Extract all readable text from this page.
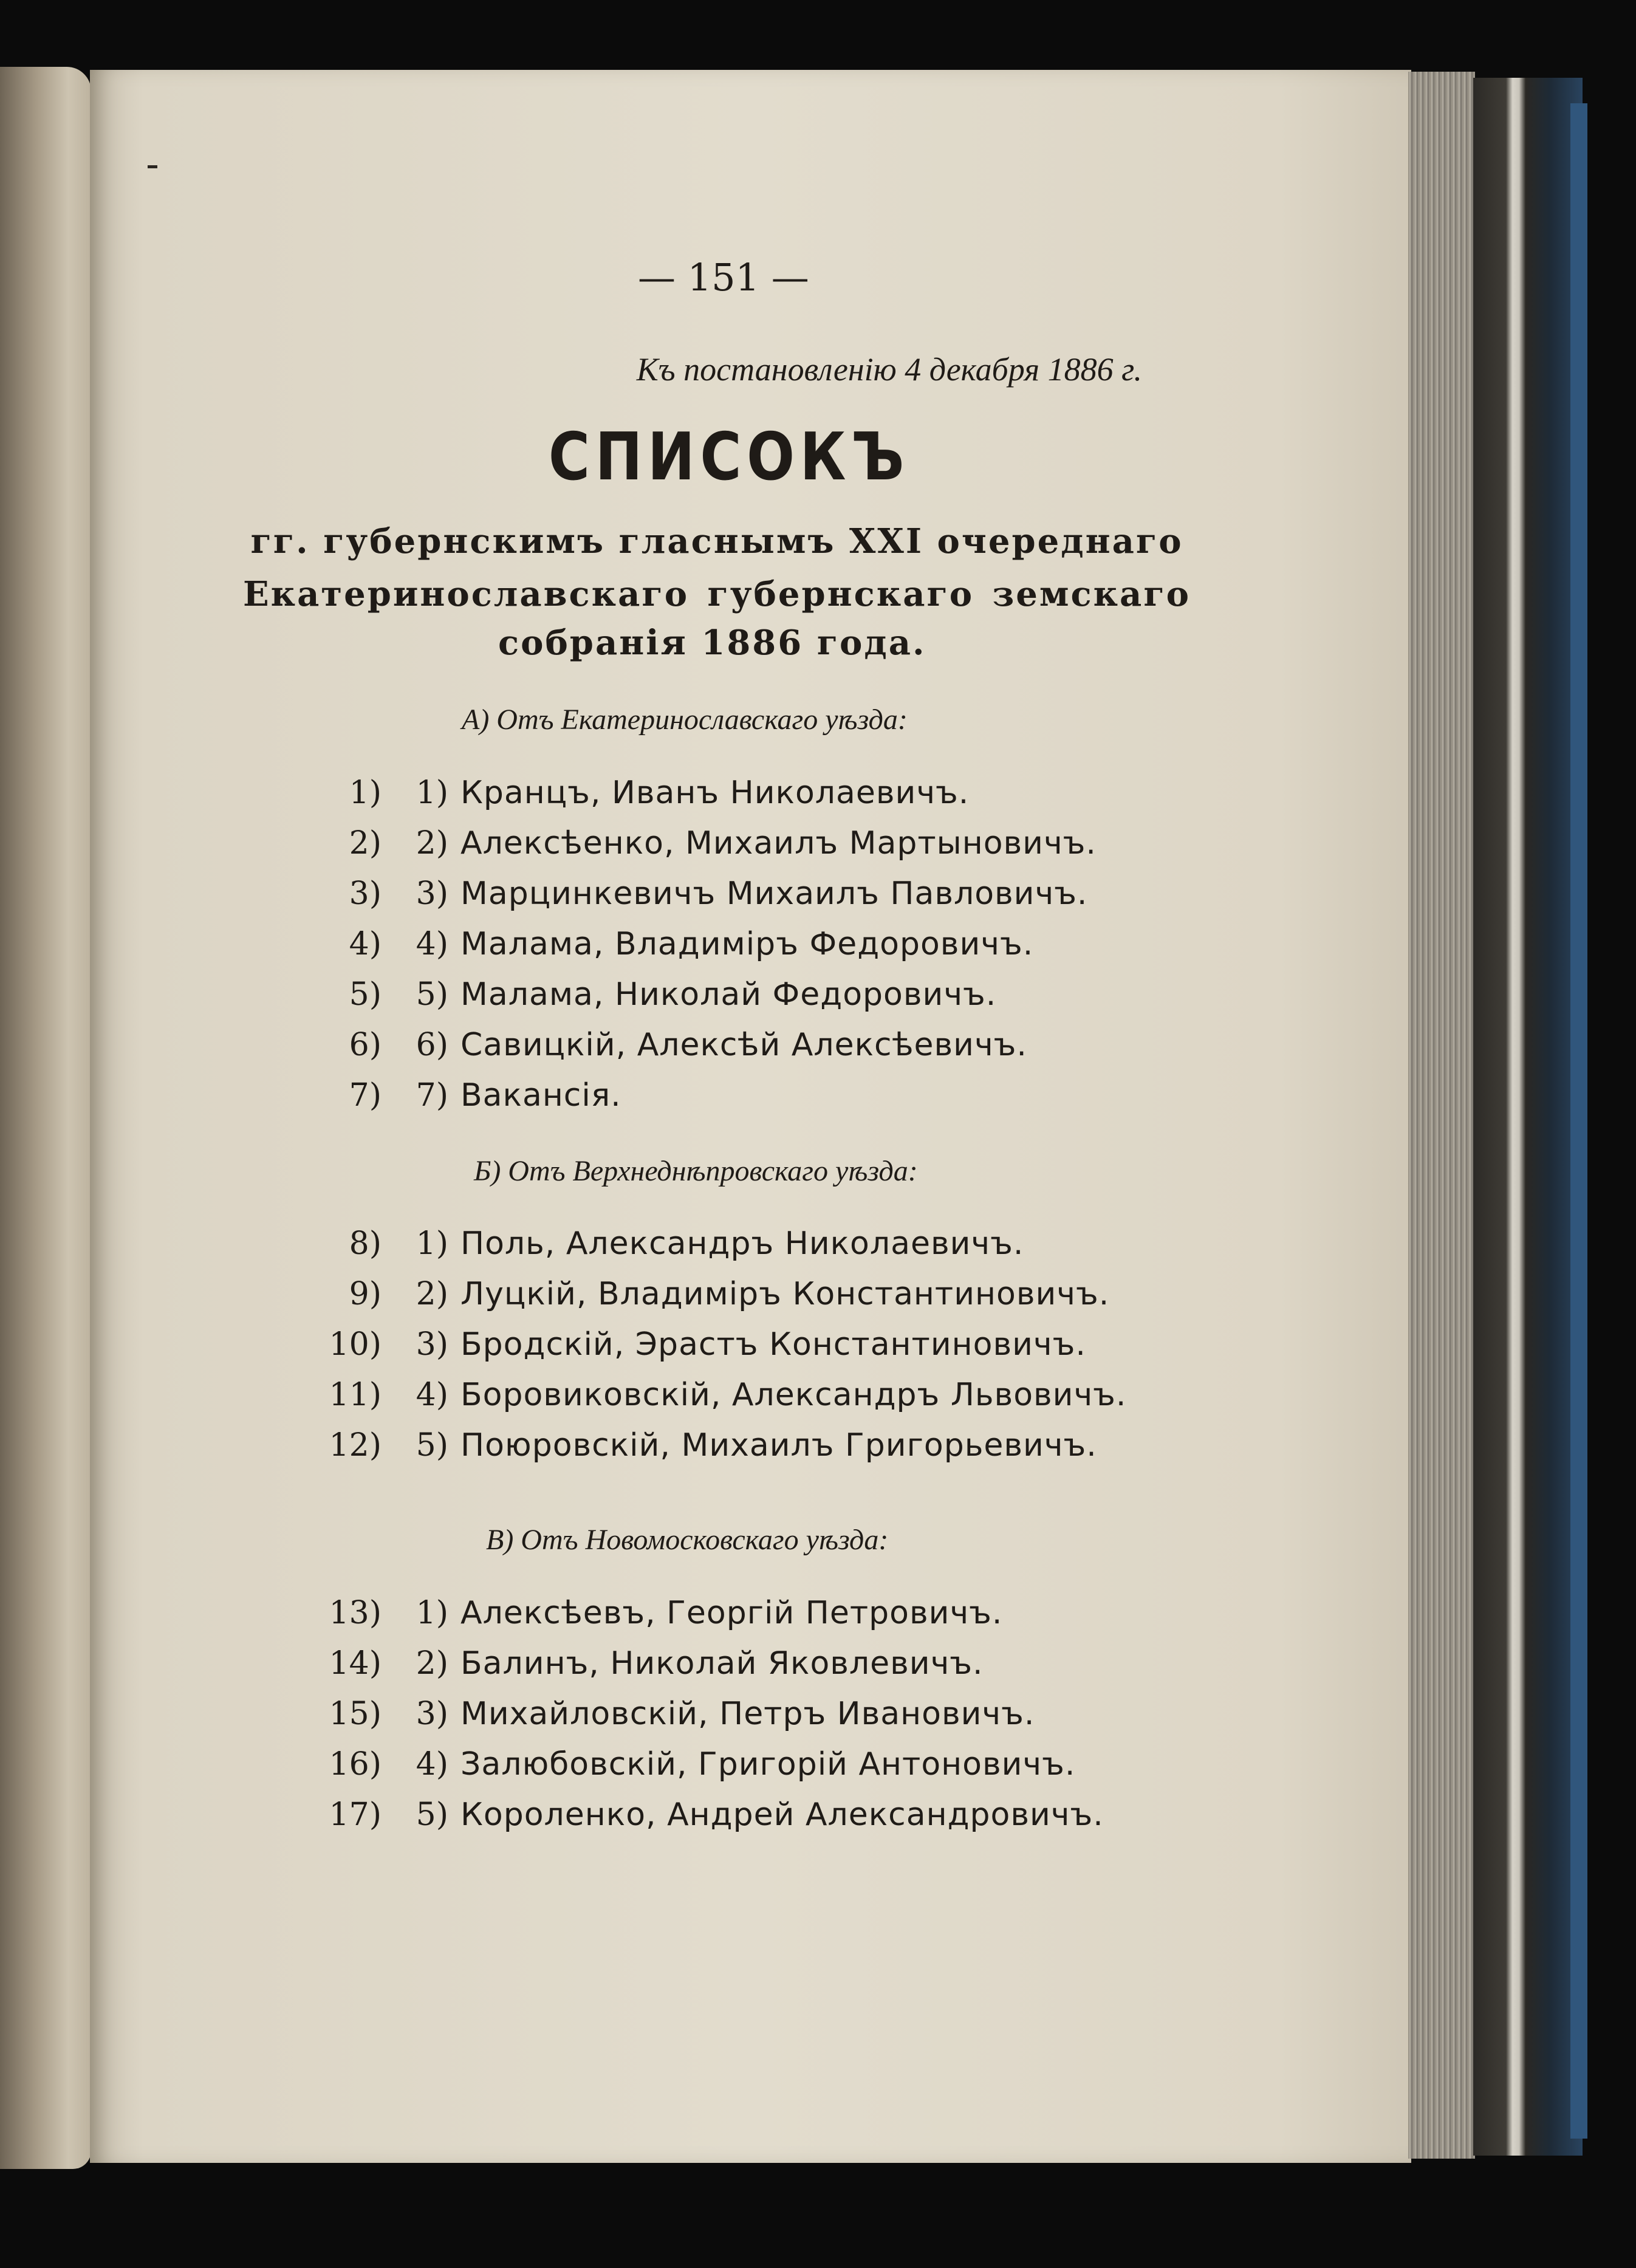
— 151 —
Къ постановленію 4 декабря 1886 г.
СПИСОКЪ
гг. губернскимъ гласнымъ XXI очереднаго
Екатеринославскаго губернскаго земскаго
собранія 1886 года.
А) Отъ Екатеринославскаго уѣзда:
Б) Отъ Верхнеднѣпровскаго уѣзда:
В) Отъ Новомосковскаго уѣзда:
1) 1) Кранцъ, Иванъ Николаевичъ.
2) 2) Алексѣенко, Михаилъ Мартыновичъ.
3) 3) Марцинкевичъ Михаилъ Павловичъ.
4) 4) Малама, Владиміръ Федоровичъ.
5) 5) Малама, Николай Федоровичъ.
6) 6) Савицкій, Алексѣй Алексѣевичъ.
7) 7) Вакансія.
8) 1) Поль, Александръ Николаевичъ.
9) 2) Луцкій, Владиміръ Константиновичъ.
10) 3) Бродскій, Эрастъ Константиновичъ.
11) 4) Боровиковскій, Александръ Львовичъ.
12) 5) Поюровскій, Михаилъ Григорьевичъ.
13) 1) Алексѣевъ, Георгій Петровичъ.
14) 2) Балинъ, Николай Яковлевичъ.
15) 3) Михайловскій, Петръ Ивановичъ.
16) 4) Залюбовскій, Григорій Антоновичъ.
17) 5) Короленко, Андрей Александровичъ.
